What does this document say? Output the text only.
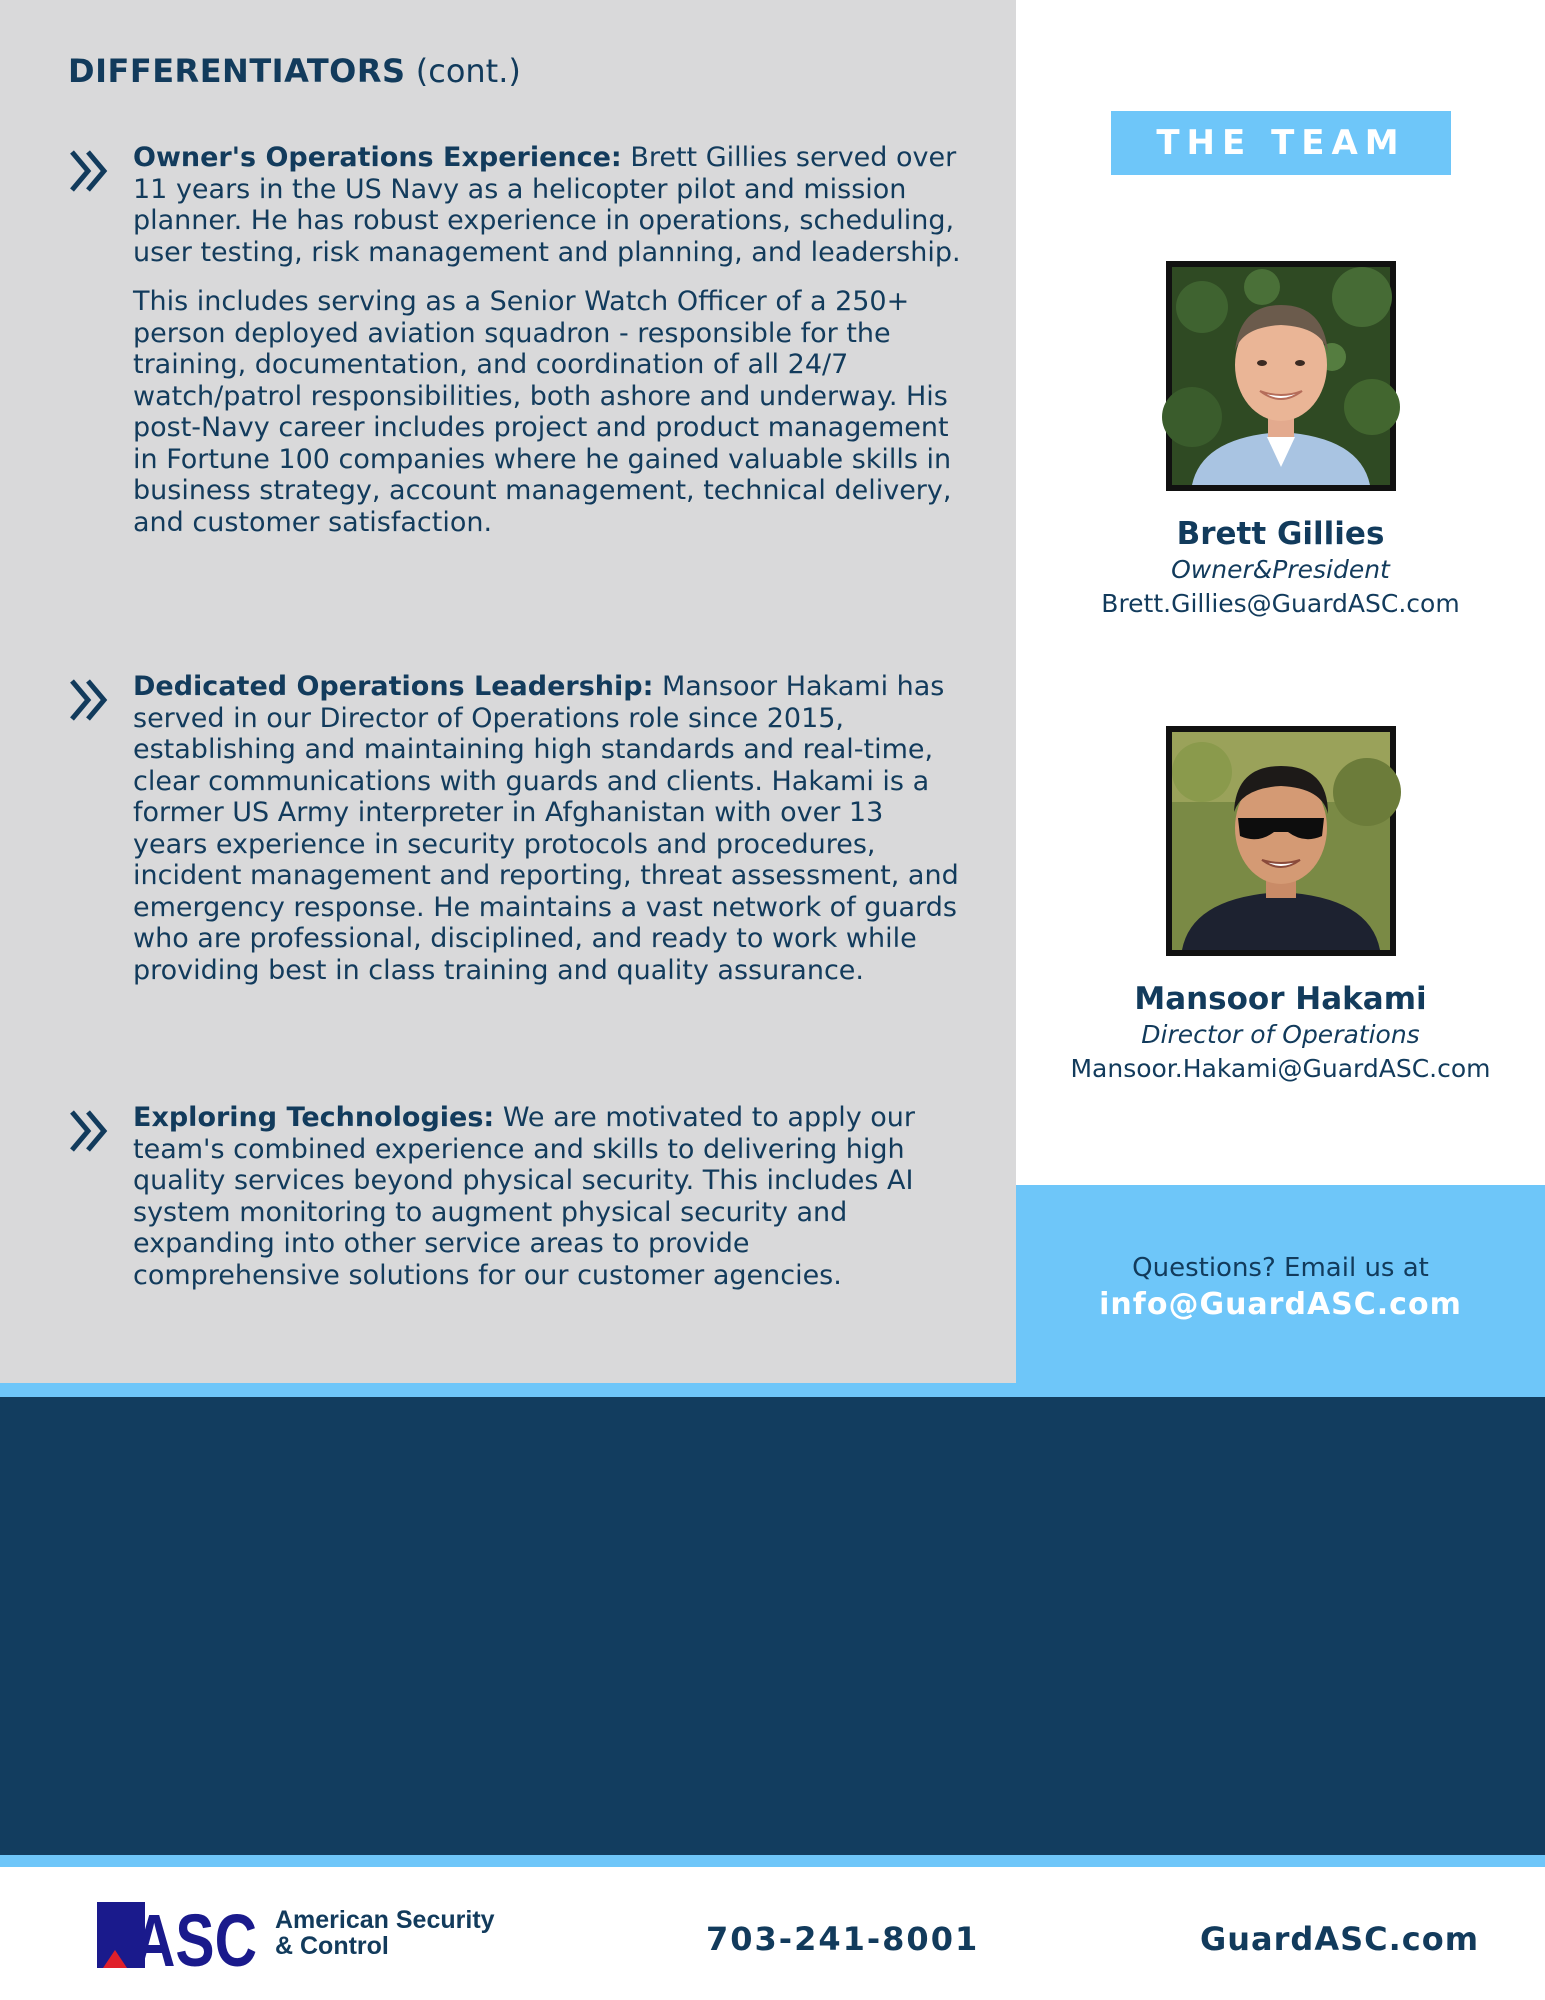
DIFFERENTIATORS (cont.)

Owner's Operations Experience: Brett Gillies served over 11 years in the US Navy as a helicopter pilot and mission planner. He has robust experience in operations, scheduling, user testing, risk management and planning, and leadership.

This includes serving as a Senior Watch Officer of a 250+ person deployed aviation squadron - responsible for the training, documentation, and coordination of all 24/7 watch/patrol responsibilities, both ashore and underway. His post-Navy career includes project and product management in Fortune 100 companies where he gained valuable skills in business strategy, account management, technical delivery, and customer satisfaction.

Dedicated Operations Leadership: Mansoor Hakami has served in our Director of Operations role since 2015, establishing and maintaining high standards and real-time, clear communications with guards and clients. Hakami is a former US Army interpreter in Afghanistan with over 13 years experience in security protocols and procedures, incident management and reporting, threat assessment, and emergency response. He maintains a vast network of guards who are professional, disciplined, and ready to work while providing best in class training and quality assurance.

Exploring Technologies: We are motivated to apply our team's combined experience and skills to delivering high quality services beyond physical security. This includes AI system monitoring to augment physical security and expanding into other service areas to provide comprehensive solutions for our customer agencies.

THE TEAM
Brett Gillies
Owner&President
Brett.Gillies@GuardASC.com
Mansoor Hakami
Director of Operations
Mansoor.Hakami@GuardASC.com
Questions? Email us at
info@GuardASC.com
ASC American Security
& Control	703-241-8001	GuardASC.com
